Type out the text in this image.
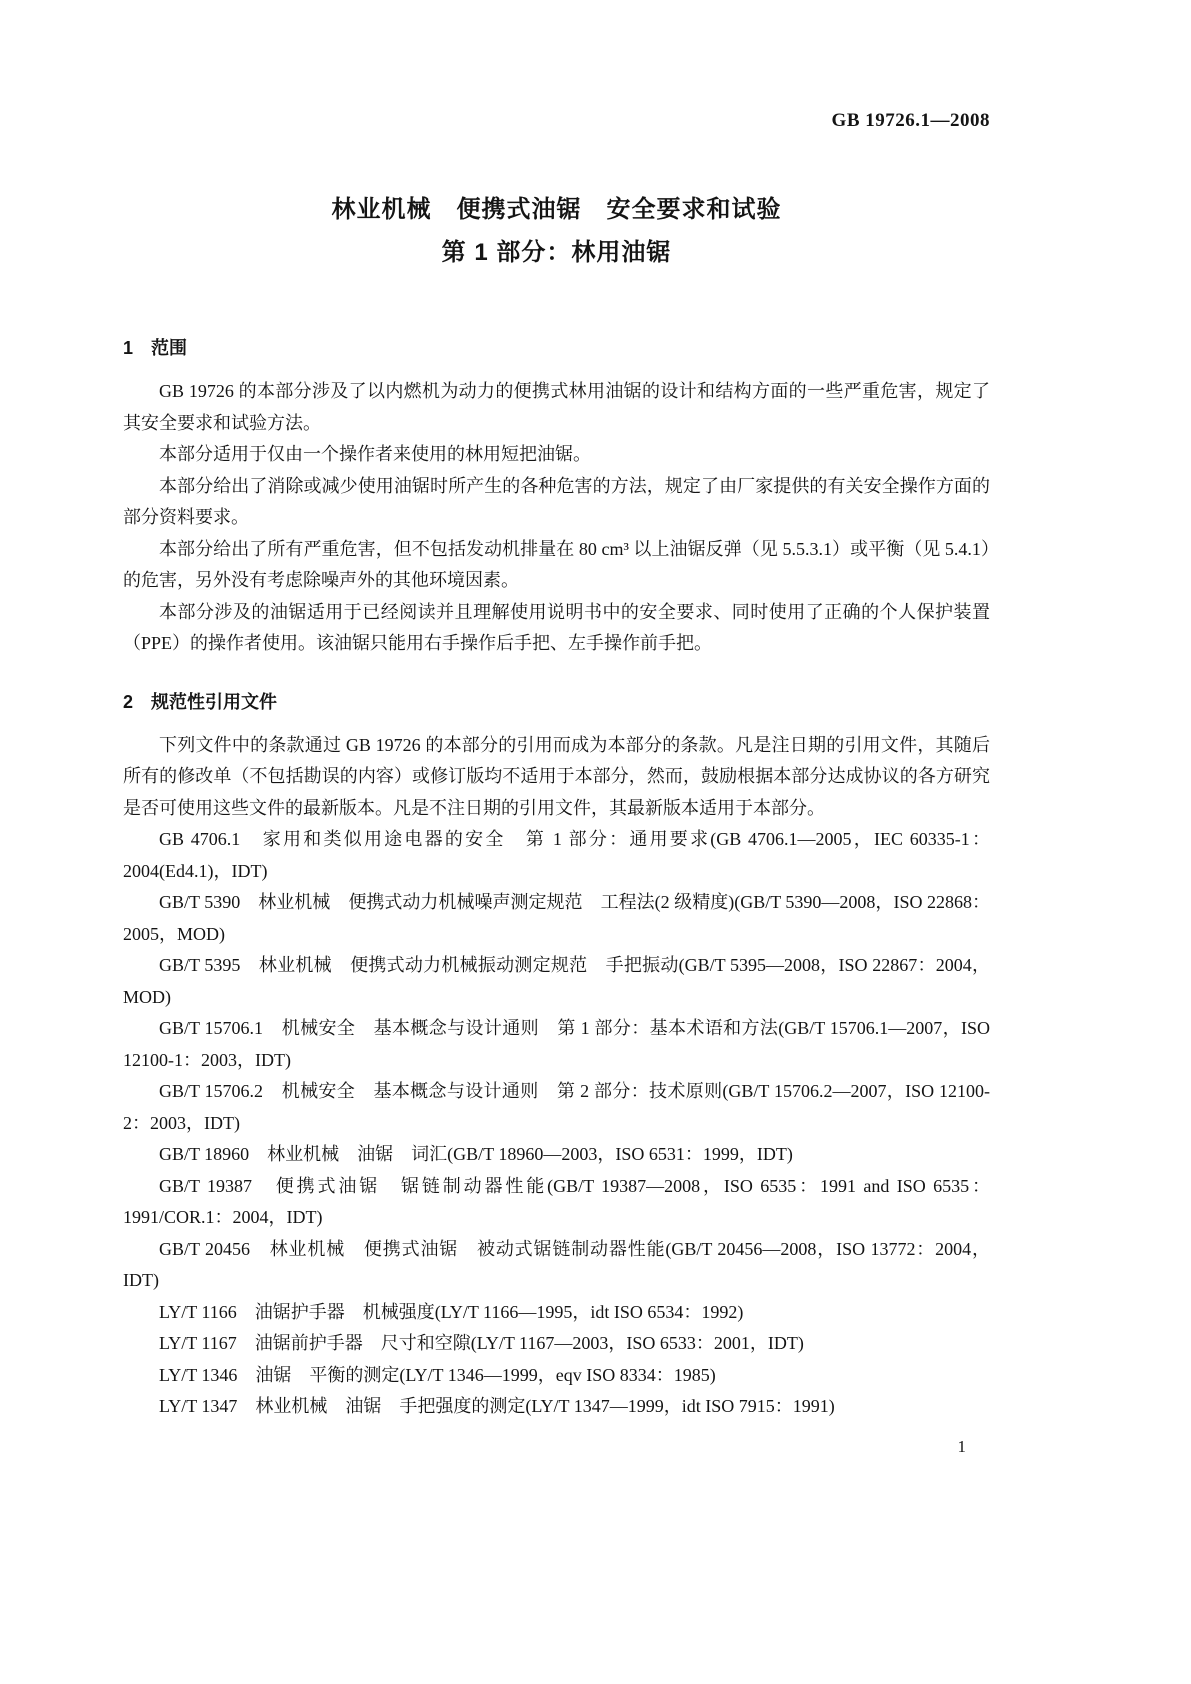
GB 19726.1—2008
林业机械　便携式油锯　安全要求和试验
第 1 部分：林用油锯
1　范围

GB 19726 的本部分涉及了以内燃机为动力的便携式林用油锯的设计和结构方面的一些严重危害，规定了其安全要求和试验方法。

本部分适用于仅由一个操作者来使用的林用短把油锯。

本部分给出了消除或减少使用油锯时所产生的各种危害的方法，规定了由厂家提供的有关安全操作方面的部分资料要求。

本部分给出了所有严重危害，但不包括发动机排量在 80 cm³ 以上油锯反弹（见 5.5.3.1）或平衡（见 5.4.1）的危害，另外没有考虑除噪声外的其他环境因素。

本部分涉及的油锯适用于已经阅读并且理解使用说明书中的安全要求、同时使用了正确的个人保护装置（PPE）的操作者使用。该油锯只能用右手操作后手把、左手操作前手把。

2　规范性引用文件

下列文件中的条款通过 GB 19726 的本部分的引用而成为本部分的条款。凡是注日期的引用文件，其随后所有的修改单（不包括勘误的内容）或修订版均不适用于本部分，然而，鼓励根据本部分达成协议的各方研究是否可使用这些文件的最新版本。凡是不注日期的引用文件，其最新版本适用于本部分。

GB 4706.1　家用和类似用途电器的安全　第 1 部分：通用要求(GB 4706.1—2005，IEC 60335-1：2004(Ed4.1)，IDT)

GB/T 5390　林业机械　便携式动力机械噪声测定规范　工程法(2 级精度)(GB/T 5390—2008，ISO 22868：2005，MOD)

GB/T 5395　林业机械　便携式动力机械振动测定规范　手把振动(GB/T 5395—2008，ISO 22867：2004，MOD)

GB/T 15706.1　机械安全　基本概念与设计通则　第 1 部分：基本术语和方法(GB/T 15706.1—2007，ISO 12100-1：2003，IDT)

GB/T 15706.2　机械安全　基本概念与设计通则　第 2 部分：技术原则(GB/T 15706.2—2007，ISO 12100-2：2003，IDT)

GB/T 18960　林业机械　油锯　词汇(GB/T 18960—2003，ISO 6531：1999，IDT)

GB/T 19387　便携式油锯　锯链制动器性能(GB/T 19387—2008，ISO 6535：1991 and ISO 6535：1991/COR.1：2004，IDT)

GB/T 20456　林业机械　便携式油锯　被动式锯链制动器性能(GB/T 20456—2008，ISO 13772：2004，IDT)

LY/T 1166　油锯护手器　机械强度(LY/T 1166—1995，idt ISO 6534：1992)

LY/T 1167　油锯前护手器　尺寸和空隙(LY/T 1167—2003，ISO 6533：2001，IDT)

LY/T 1346　油锯　平衡的测定(LY/T 1346—1999，eqv ISO 8334：1985)

LY/T 1347　林业机械　油锯　手把强度的测定(LY/T 1347—1999，idt ISO 7915：1991)

1
